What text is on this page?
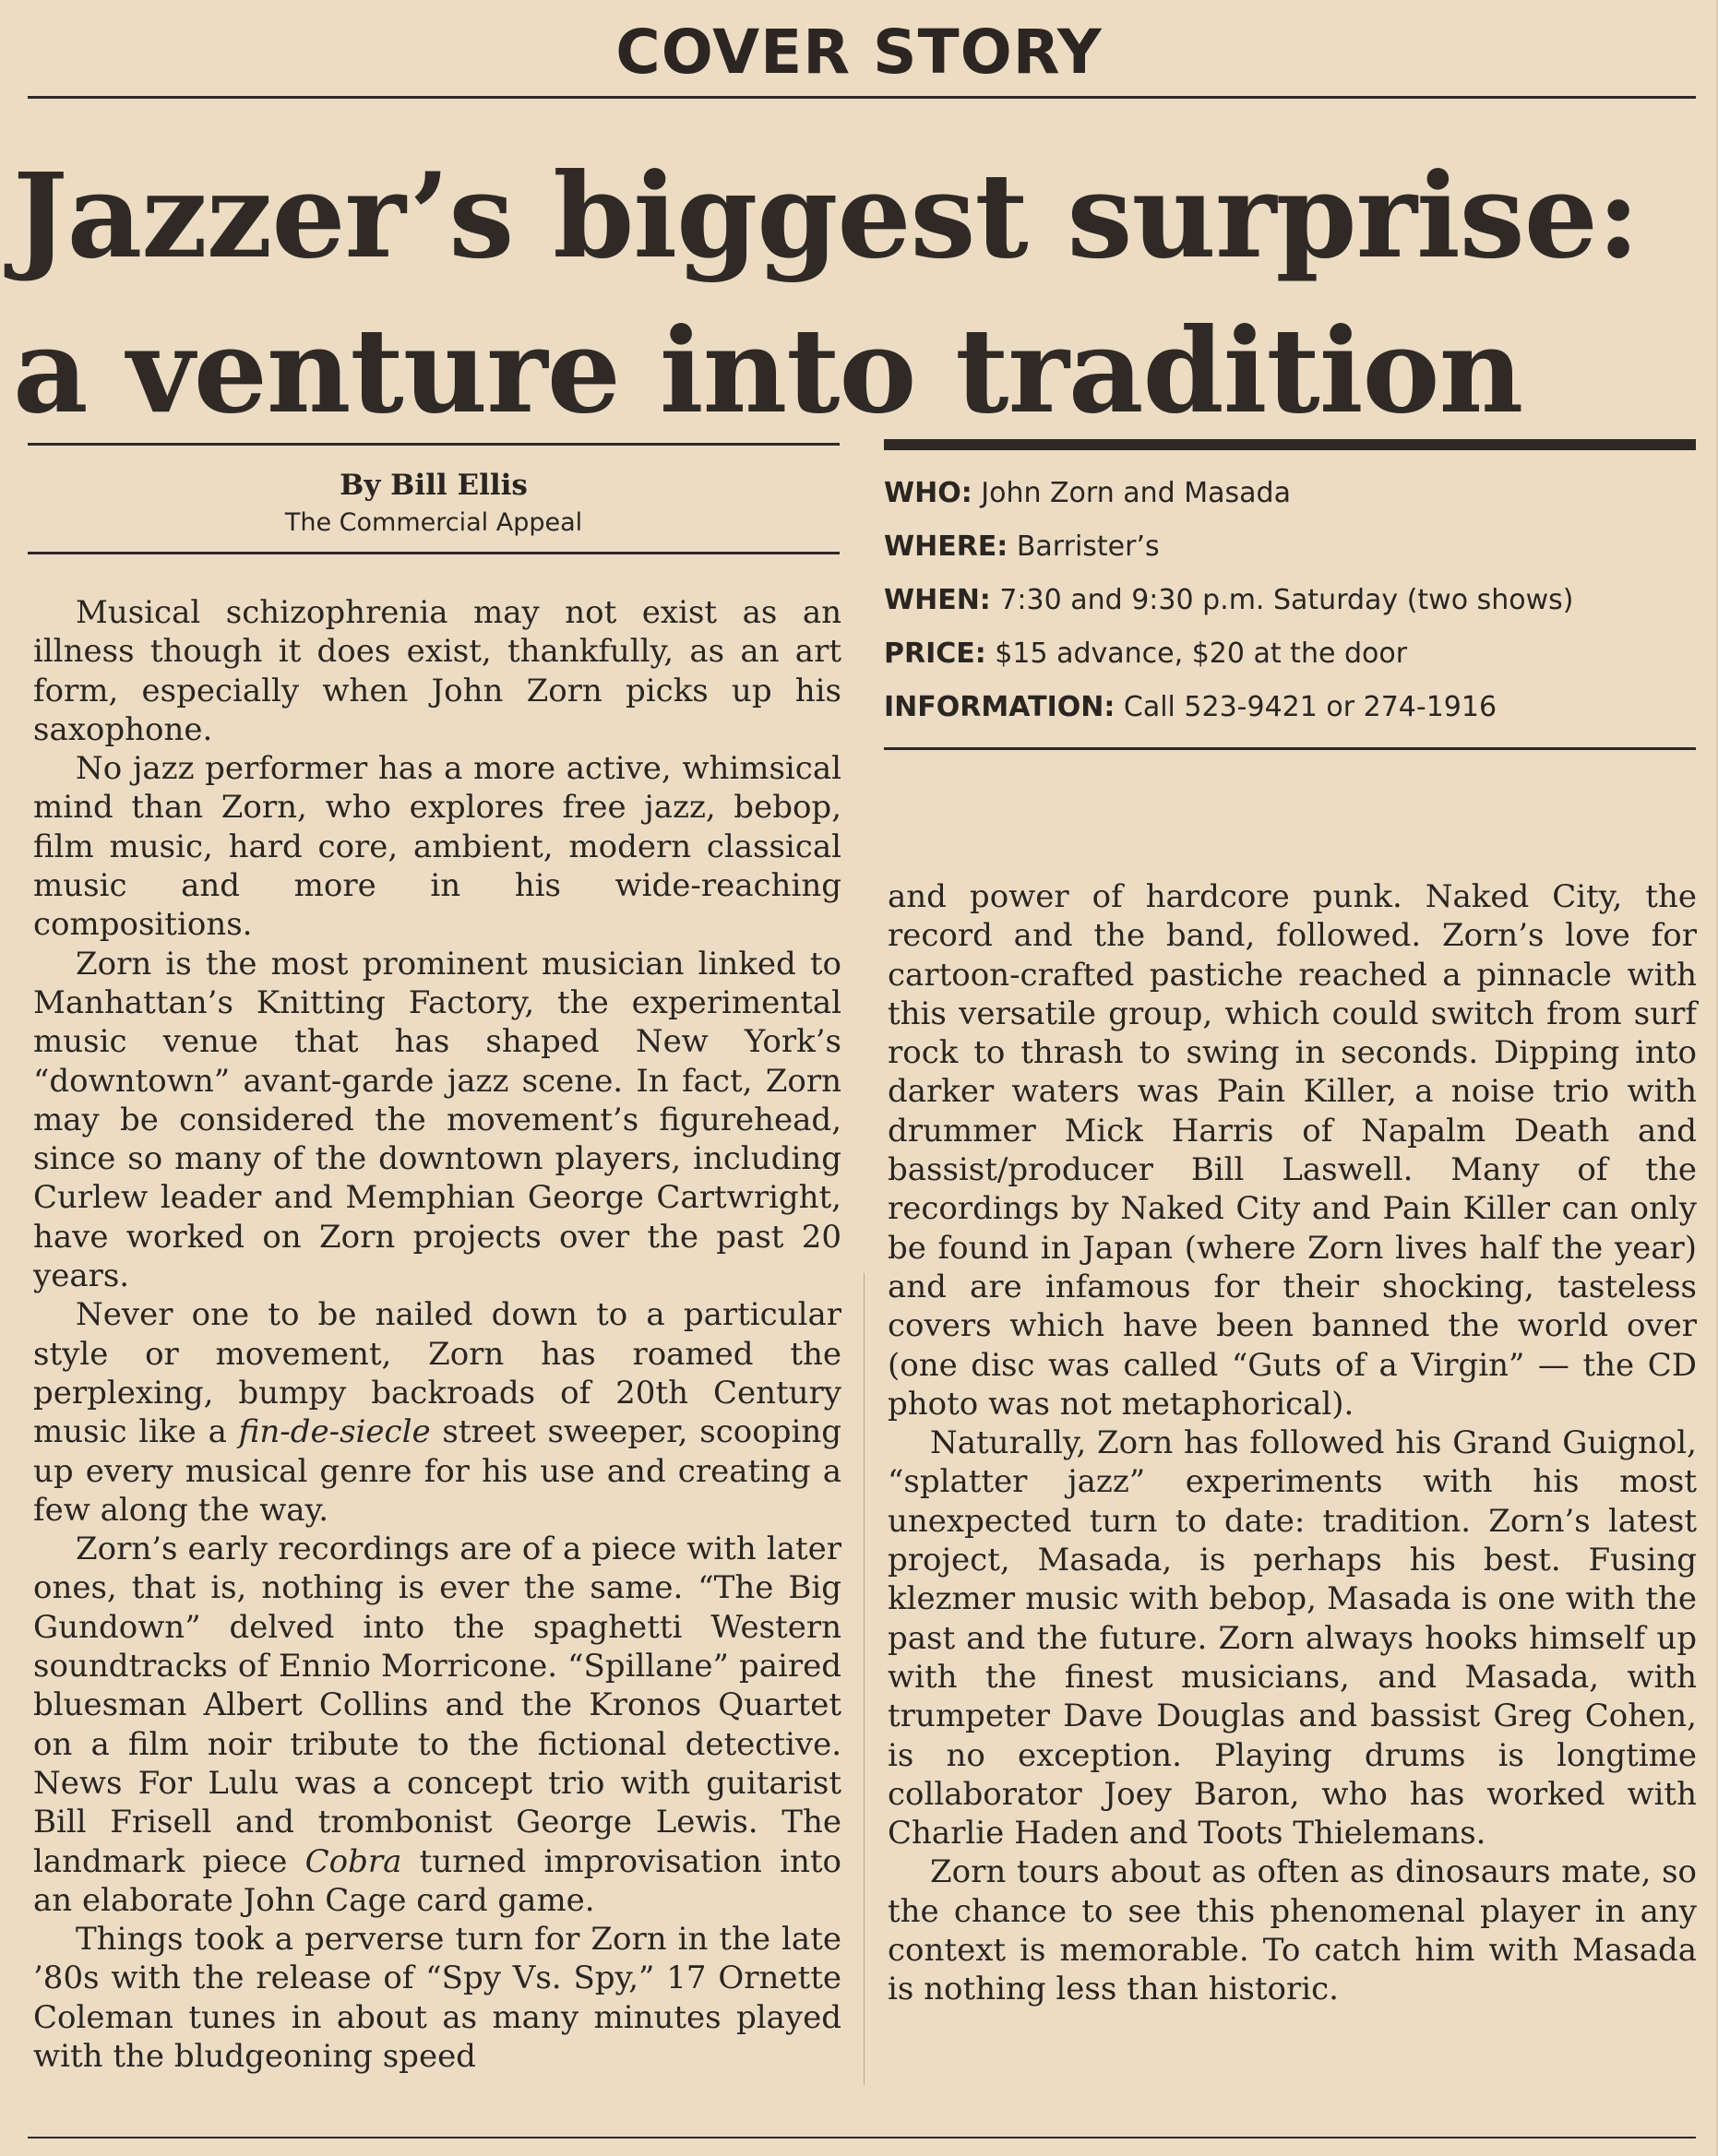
COVER STORY
Jazzer’s biggest surprise:
a venture into tradition
By Bill Ellis
The Commercial Appeal
WHO: John Zorn and Masada
WHERE: Barrister’s
WHEN: 7:30 and 9:30 p.m. Saturday (two shows)
PRICE: $15 advance, $20 at the door
INFORMATION: Call 523-9421 or 274-1916

Musical schizophrenia may not exist as an illness though it does exist, thankfully, as an art form, especially when John Zorn picks up his saxophone.

No jazz performer has a more active, whimsical mind than Zorn, who explores free jazz, bebop, film music, hard core, ambient, modern classical music and more in his wide-reaching compositions.

Zorn is the most prominent musician linked to Manhattan’s Knitting Factory, the experimental music venue that has shaped New York’s “downtown” avant-garde jazz scene. In fact, Zorn may be considered the movement’s figurehead, since so many of the downtown players, including Curlew leader and Memphian George Cartwright, have worked on Zorn projects over the past 20 years.

Never one to be nailed down to a particular style or movement, Zorn has roamed the perplexing, bumpy backroads of 20th Century music like a fin-de-siecle street sweeper, scooping up every musical genre for his use and creating a few along the way.

Zorn’s early recordings are of a piece with later ones, that is, nothing is ever the same. “The Big Gundown” delved into the spaghetti Western soundtracks of Ennio Morricone. “Spillane” paired bluesman Albert Collins and the Kronos Quartet on a film noir tribute to the fictional detective. News For Lulu was a concept trio with guitarist Bill Frisell and trombonist George Lewis. The landmark piece Cobra turned improvisation into an elaborate John Cage card game.

Things took a perverse turn for Zorn in the late ’80s with the release of “Spy Vs. Spy,” 17 Ornette Coleman tunes in about as many minutes played with the bludgeoning speed

and power of hardcore punk. Naked City, the record and the band, followed. Zorn’s love for cartoon-crafted pastiche reached a pinnacle with this versatile group, which could switch from surf rock to thrash to swing in seconds. Dipping into darker waters was Pain Killer, a noise trio with drummer Mick Harris of Napalm Death and bassist/producer Bill Laswell. Many of the recordings by Naked City and Pain Killer can only be found in Japan (where Zorn lives half the year) and are infamous for their shocking, tasteless covers which have been banned the world over (one disc was called “Guts of a Virgin” — the CD photo was not metaphorical).

Naturally, Zorn has followed his Grand Guignol, “splatter jazz” experiments with his most unexpected turn to date: tradition. Zorn’s latest project, Masada, is perhaps his best. Fusing klezmer music with bebop, Masada is one with the past and the future. Zorn always hooks himself up with the finest musicians, and Masada, with trumpeter Dave Douglas and bassist Greg Cohen, is no exception. Playing drums is longtime collaborator Joey Baron, who has worked with Charlie Haden and Toots Thielemans.

Zorn tours about as often as dinosaurs mate, so the chance to see this phenomenal player in any context is memorable. To catch him with Masada is nothing less than historic.
